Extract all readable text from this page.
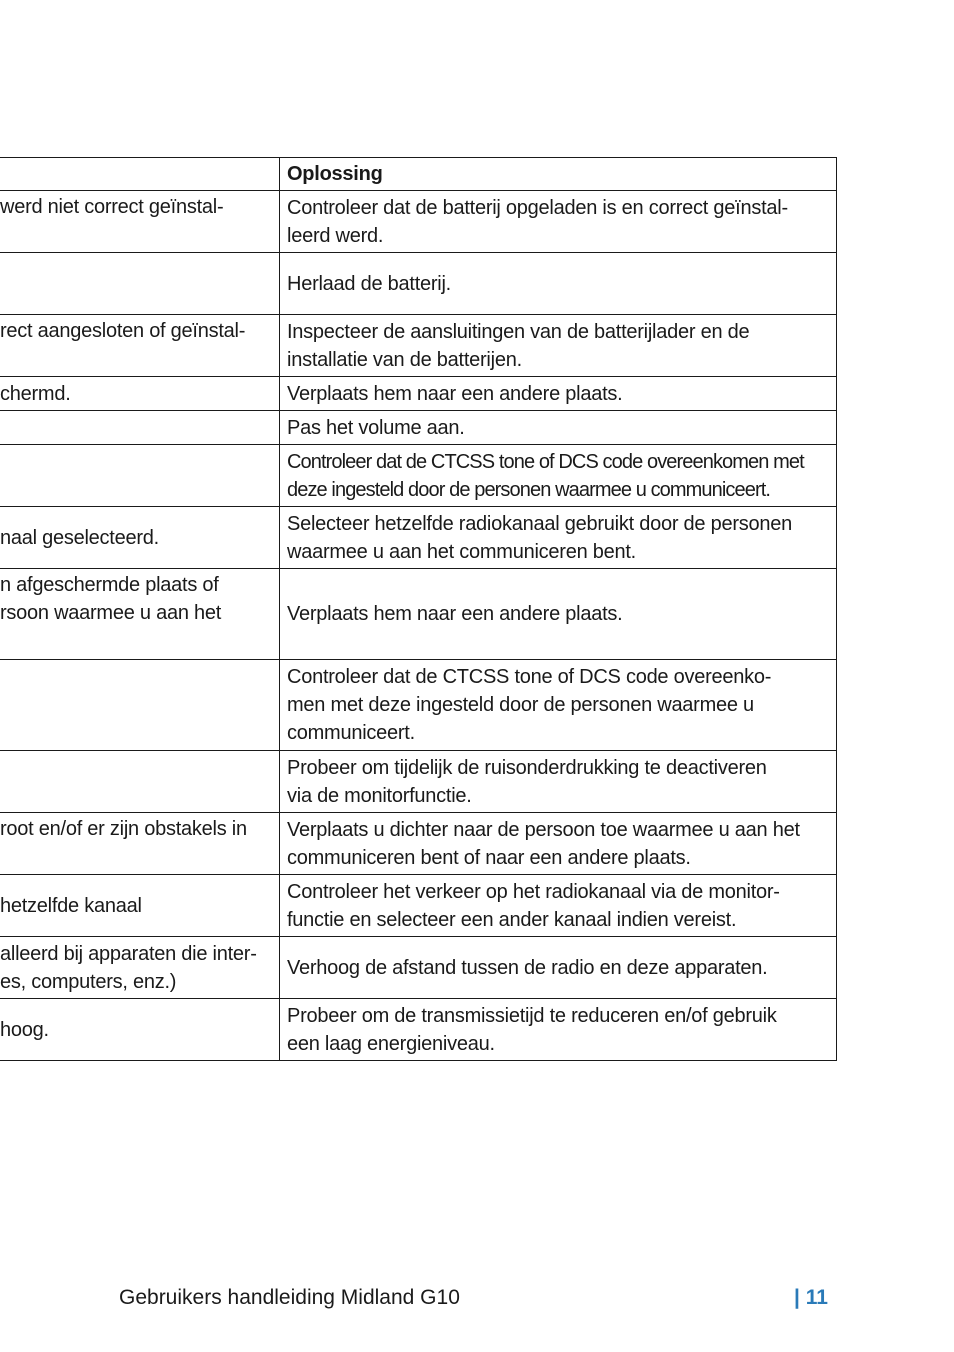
	Oplossing
werd niet correct geïnstal-	Controleer dat de batterij opgeladen is en correct geïnstal-
leerd werd.
	Herlaad de batterij.
rect aangesloten of geïnstal-	Inspecteer de aansluitingen van de batterijlader en de
installatie van de batterijen.
chermd.	Verplaats hem naar een andere plaats.
	Pas het volume aan.
	Controleer dat de CTCSS tone of DCS code overeenkomen met
deze ingesteld door de personen waarmee u communiceert.
naal geselecteerd.	Selecteer hetzelfde radiokanaal gebruikt door de personen
waarmee u aan het communiceren bent.
n afgeschermde plaats of
rsoon waarmee u aan het	Verplaats hem naar een andere plaats.
	Controleer dat de CTCSS tone of DCS code overeenko-
men met deze ingesteld door de personen waarmee u
communiceert.
	Probeer om tijdelijk de ruisonderdrukking te deactiveren
via de monitorfunctie.
root en/of er zijn obstakels in	Verplaats u dichter naar de persoon toe waarmee u aan het
communiceren bent of naar een andere plaats.
hetzelfde kanaal	Controleer het verkeer op het radiokanaal via de monitor-
functie en selecteer een ander kanaal indien vereist.
alleerd bij apparaten die inter-
es, computers, enz.)	Verhoog de afstand tussen de radio en deze apparaten.
hoog.	Probeer om de transmissietijd te reduceren en/of gebruik
een laag energieniveau.
Gebruikers handleiding Midland G10	| 11
